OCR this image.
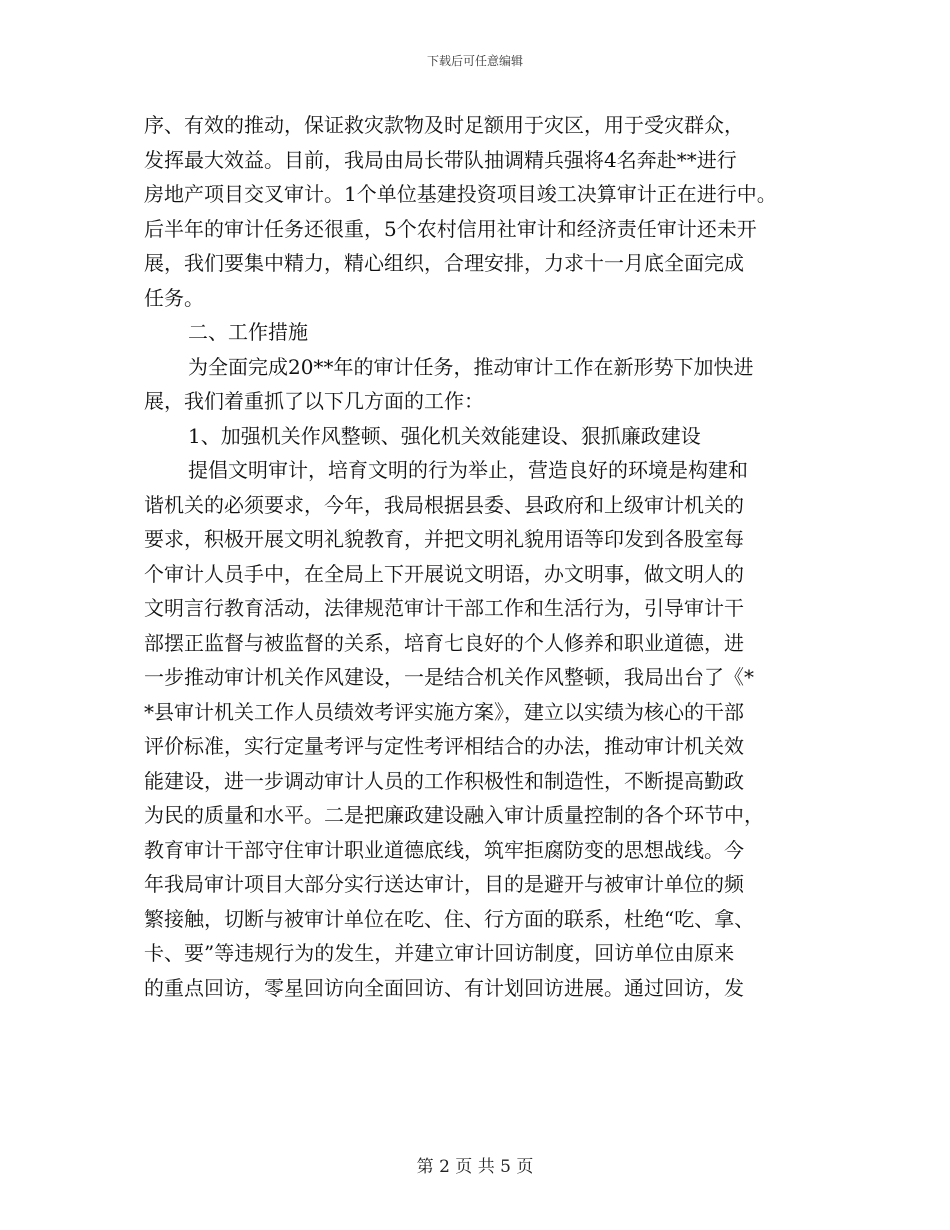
下载后可任意编辑
序、有效的推动，保证救灾款物及时足额用于灾区，用于受灾群众，
发挥最大效益。目前，我局由局长带队抽调精兵强将4名奔赴**进行
房地产项目交叉审计。1个单位基建投资项目竣工决算审计正在进行中。
后半年的审计任务还很重，5个农村信用社审计和经济责任审计还未开
展，我们要集中精力，精心组织，合理安排，力求十一月底全面完成
任务。
二、工作措施
为全面完成20**年的审计任务，推动审计工作在新形势下加快进
展，我们着重抓了以下几方面的工作：
1、加强机关作风整顿、强化机关效能建设、狠抓廉政建设
提倡文明审计，培育文明的行为举止，营造良好的环境是构建和
谐机关的必须要求，今年，我局根据县委、县政府和上级审计机关的
要求，积极开展文明礼貌教育，并把文明礼貌用语等印发到各股室每
个审计人员手中，在全局上下开展说文明语，办文明事，做文明人的
文明言行教育活动，法律规范审计干部工作和生活行为，引导审计干
部摆正监督与被监督的关系，培育七良好的个人修养和职业道德，进
一步推动审计机关作风建设，一是结合机关作风整顿，我局出台了《*
*县审计机关工作人员绩效考评实施方案》，建立以实绩为核心的干部
评价标准，实行定量考评与定性考评相结合的办法，推动审计机关效
能建设，进一步调动审计人员的工作积极性和制造性，不断提高勤政
为民的质量和水平。二是把廉政建设融入审计质量控制的各个环节中，
教育审计干部守住审计职业道德底线，筑牢拒腐防变的思想战线。今
年我局审计项目大部分实行送达审计，目的是避开与被审计单位的频
繁接触，切断与被审计单位在吃、住、行方面的联系，杜绝“吃、拿、
卡、要”等违规行为的发生，并建立审计回访制度，回访单位由原来
的重点回访，零星回访向全面回访、有计划回访进展。通过回访，发
第 2 页 共 5 页
